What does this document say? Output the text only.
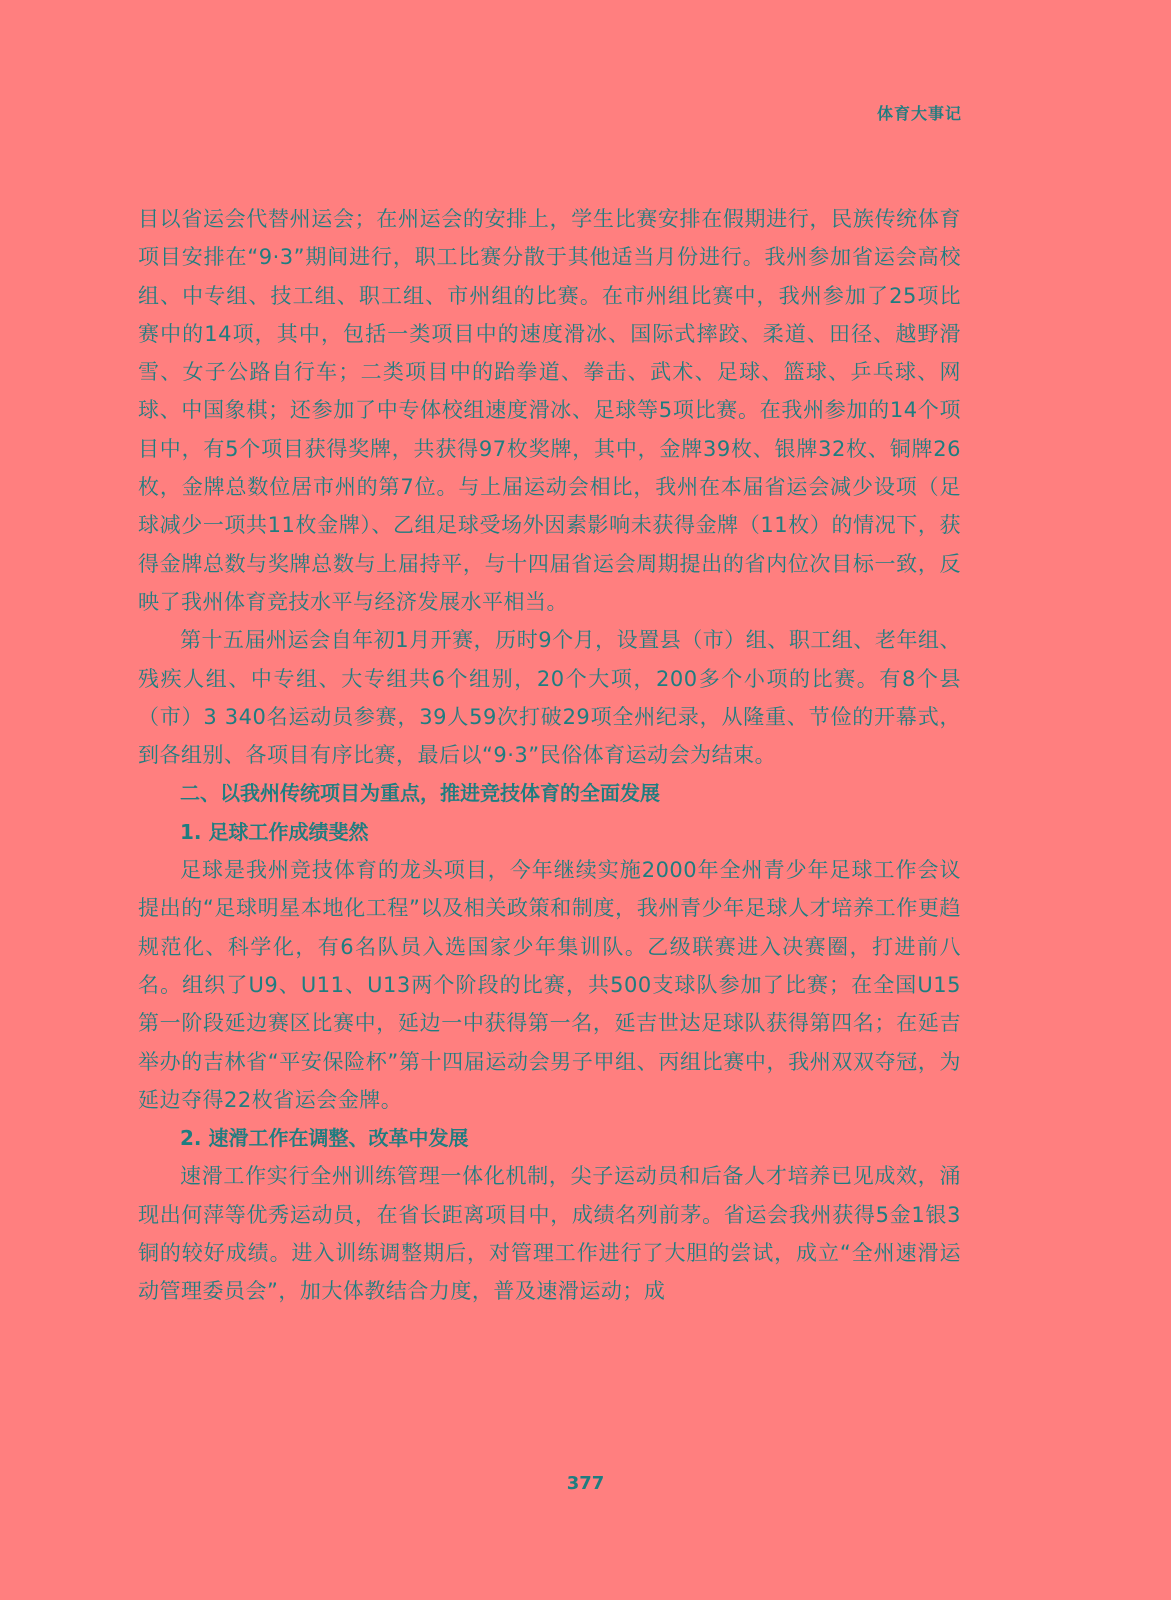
体育大事记

目以省运会代替州运会；在州运会的安排上，学生比赛安排在假期进行，民族传统体育项目安排在“9·3”期间进行，职工比赛分散于其他适当月份进行。我州参加省运会高校组、中专组、技工组、职工组、市州组的比赛。在市州组比赛中，我州参加了25项比赛中的14项，其中，包括一类项目中的速度滑冰、国际式摔跤、柔道、田径、越野滑雪、女子公路自行车；二类项目中的跆拳道、拳击、武术、足球、篮球、乒乓球、网球、中国象棋；还参加了中专体校组速度滑冰、足球等5项比赛。在我州参加的14个项目中，有5个项目获得奖牌，共获得97枚奖牌，其中，金牌39枚、银牌32枚、铜牌26枚，金牌总数位居市州的第7位。与上届运动会相比，我州在本届省运会减少设项（足球减少一项共11枚金牌）、乙组足球受场外因素影响未获得金牌（11枚）的情况下，获得金牌总数与奖牌总数与上届持平，与十四届省运会周期提出的省内位次目标一致，反映了我州体育竞技水平与经济发展水平相当。

第十五届州运会自年初1月开赛，历时9个月，设置县（市）组、职工组、老年组、残疾人组、中专组、大专组共6个组别，20个大项，200多个小项的比赛。有8个县（市）3 340名运动员参赛，39人59次打破29项全州纪录，从隆重、节俭的开幕式，到各组别、各项目有序比赛，最后以“9·3”民俗体育运动会为结束。

二、以我州传统项目为重点，推进竞技体育的全面发展

1. 足球工作成绩斐然

足球是我州竞技体育的龙头项目，今年继续实施2000年全州青少年足球工作会议提出的“足球明星本地化工程”以及相关政策和制度，我州青少年足球人才培养工作更趋规范化、科学化，有6名队员入选国家少年集训队。乙级联赛进入决赛圈，打进前八名。组织了U9、U11、U13两个阶段的比赛，共500支球队参加了比赛；在全国U15第一阶段延边赛区比赛中，延边一中获得第一名，延吉世达足球队获得第四名；在延吉举办的吉林省“平安保险杯”第十四届运动会男子甲组、丙组比赛中，我州双双夺冠，为延边夺得22枚省运会金牌。

2. 速滑工作在调整、改革中发展

速滑工作实行全州训练管理一体化机制，尖子运动员和后备人才培养已见成效，涌现出何萍等优秀运动员，在省长距离项目中，成绩名列前茅。省运会我州获得5金1银3铜的较好成绩。进入训练调整期后，对管理工作进行了大胆的尝试，成立“全州速滑运动管理委员会”，加大体教结合力度，普及速滑运动；成

377
